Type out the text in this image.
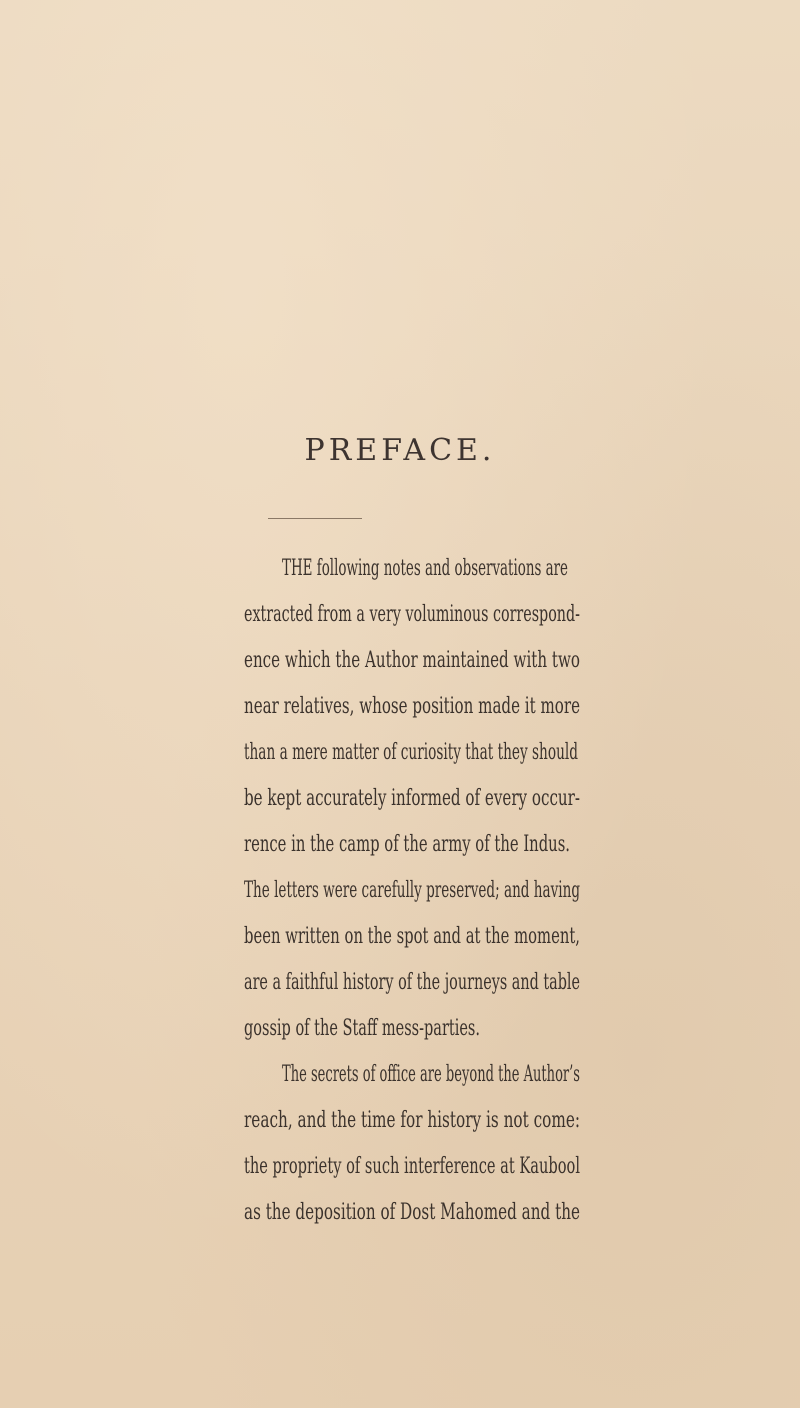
PREFACE.
THE following notes and observations are
extracted from a very voluminous correspond-
ence which the Author maintained with two
near relatives, whose position made it more
than a mere matter of curiosity that they should
be kept accurately informed of every occur-
rence in the camp of the army of the Indus.
The letters were carefully preserved; and having
been written on the spot and at the moment,
are a faithful history of the journeys and table
gossip of the Staff mess-parties.
The secrets of office are beyond the Author’s
reach, and the time for history is not come:
the propriety of such interference at Kaubool
as the deposition of Dost Mahomed and the
